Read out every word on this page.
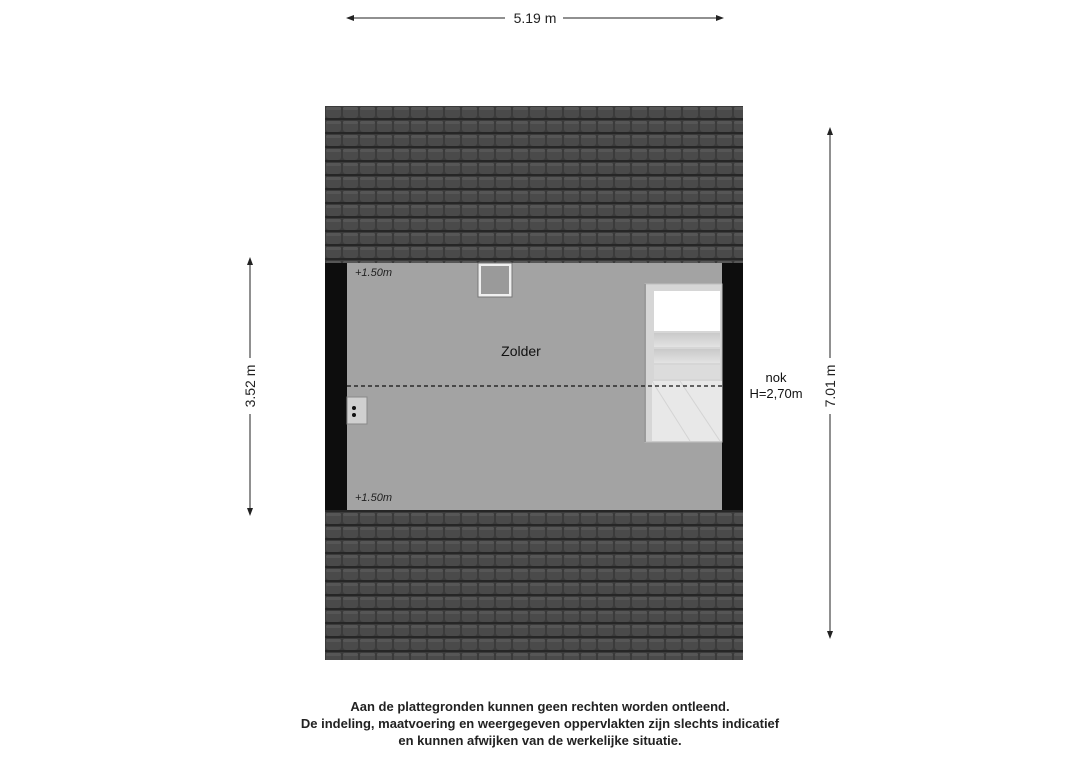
5.19 m
+1.50m
+1.50m
Zolder
nok
H=2,70m
3.52 m	7.01 m
Aan de plattegronden kunnen geen rechten worden ontleend.
De indeling, maatvoering en weergegeven oppervlakten zijn slechts indicatief
en kunnen afwijken van de werkelijke situatie.
